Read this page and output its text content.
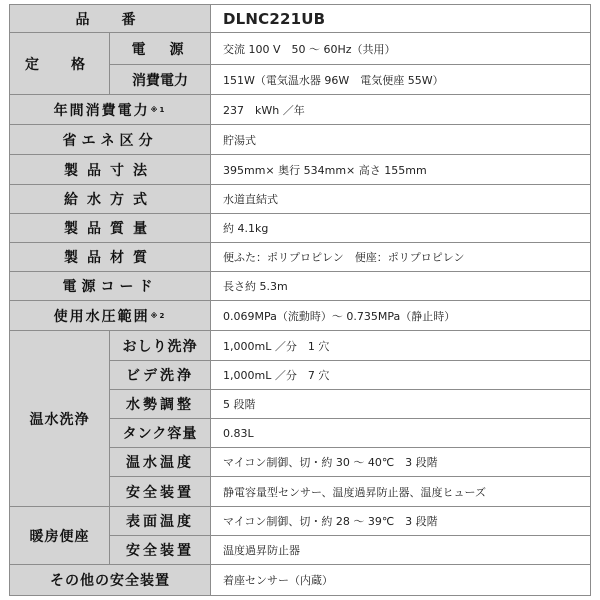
品　番	DLNC221UB
定　格
電　源	交流 100 V　50 〜 60Hz（共用）
消費電力	151W（電気温水器 96W　電気便座 55W）
年間消費電力 ※1	237　kWh ／年
省エネ区分	貯湯式
製品寸法	395mm× 奥行 534mm× 高さ 155mm
給水方式	水道直結式
製品質量	約 4.1kg
製品材質	便ふた：ポリプロピレン　便座：ポリプロピレン
電源コード	長さ約 5.3m
使用水圧範囲 ※2	0.069MPa（流動時）〜 0.735MPa（静止時）
温水洗浄
おしり洗浄	1,000mL ／分　1 穴
ビデ洗浄	1,000mL ／分　7 穴
水勢調整	5 段階
タンク容量	0.83L
温水温度	マイコン制御、切・約 30 〜 40℃　3 段階
安全装置	静電容量型センサー、温度過昇防止器、温度ヒューズ
暖房便座
表面温度	マイコン制御、切・約 28 〜 39℃　3 段階
安全装置	温度過昇防止器
その他の安全装置	着座センサー（内蔵）
